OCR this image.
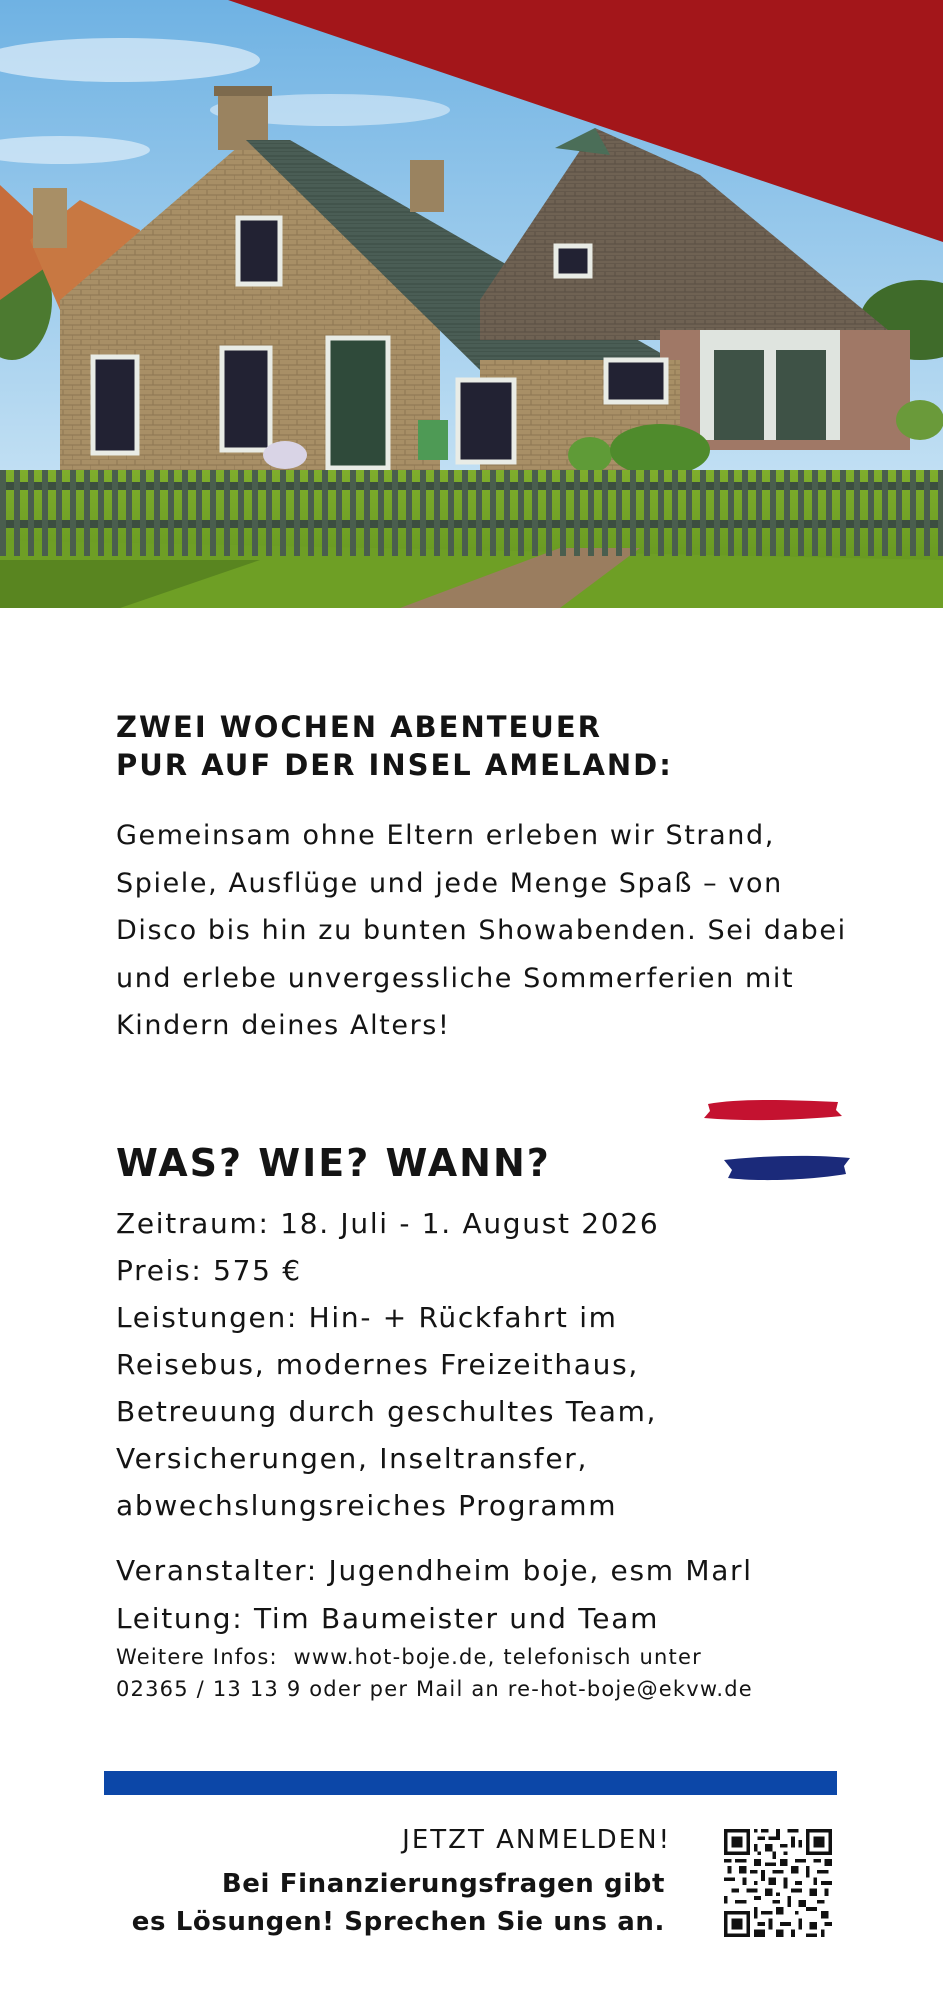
ZWEI WOCHEN ABENTEUER
PUR AUF DER INSEL AMELAND:

Gemeinsam ohne Eltern erleben wir Strand, Spiele, Ausflüge und jede Menge Spaß – von Disco bis hin zu bunten Showabenden. Sei dabei und erlebe unvergessliche Sommerferien mit Kindern deines Alters!

WAS? WIE? WANN?
Zeitraum: 18. Juli - 1. August 2026
Preis: 575 €
Leistungen: Hin- + Rückfahrt im
Reisebus, modernes Freizeithaus,
Betreuung durch geschultes Team,
Versicherungen, Inseltransfer,
abwechslungsreiches Programm
Veranstalter: Jugendheim boje, esm Marl
Leitung: Tim Baumeister und Team
Weitere Infos:  www.hot-boje.de, telefonisch unter
02365 / 13 13 9 oder per Mail an re-hot-boje@ekvw.de
JETZT ANMELDEN!
Bei Finanzierungsfragen gibt
es Lösungen! Sprechen Sie uns an.
